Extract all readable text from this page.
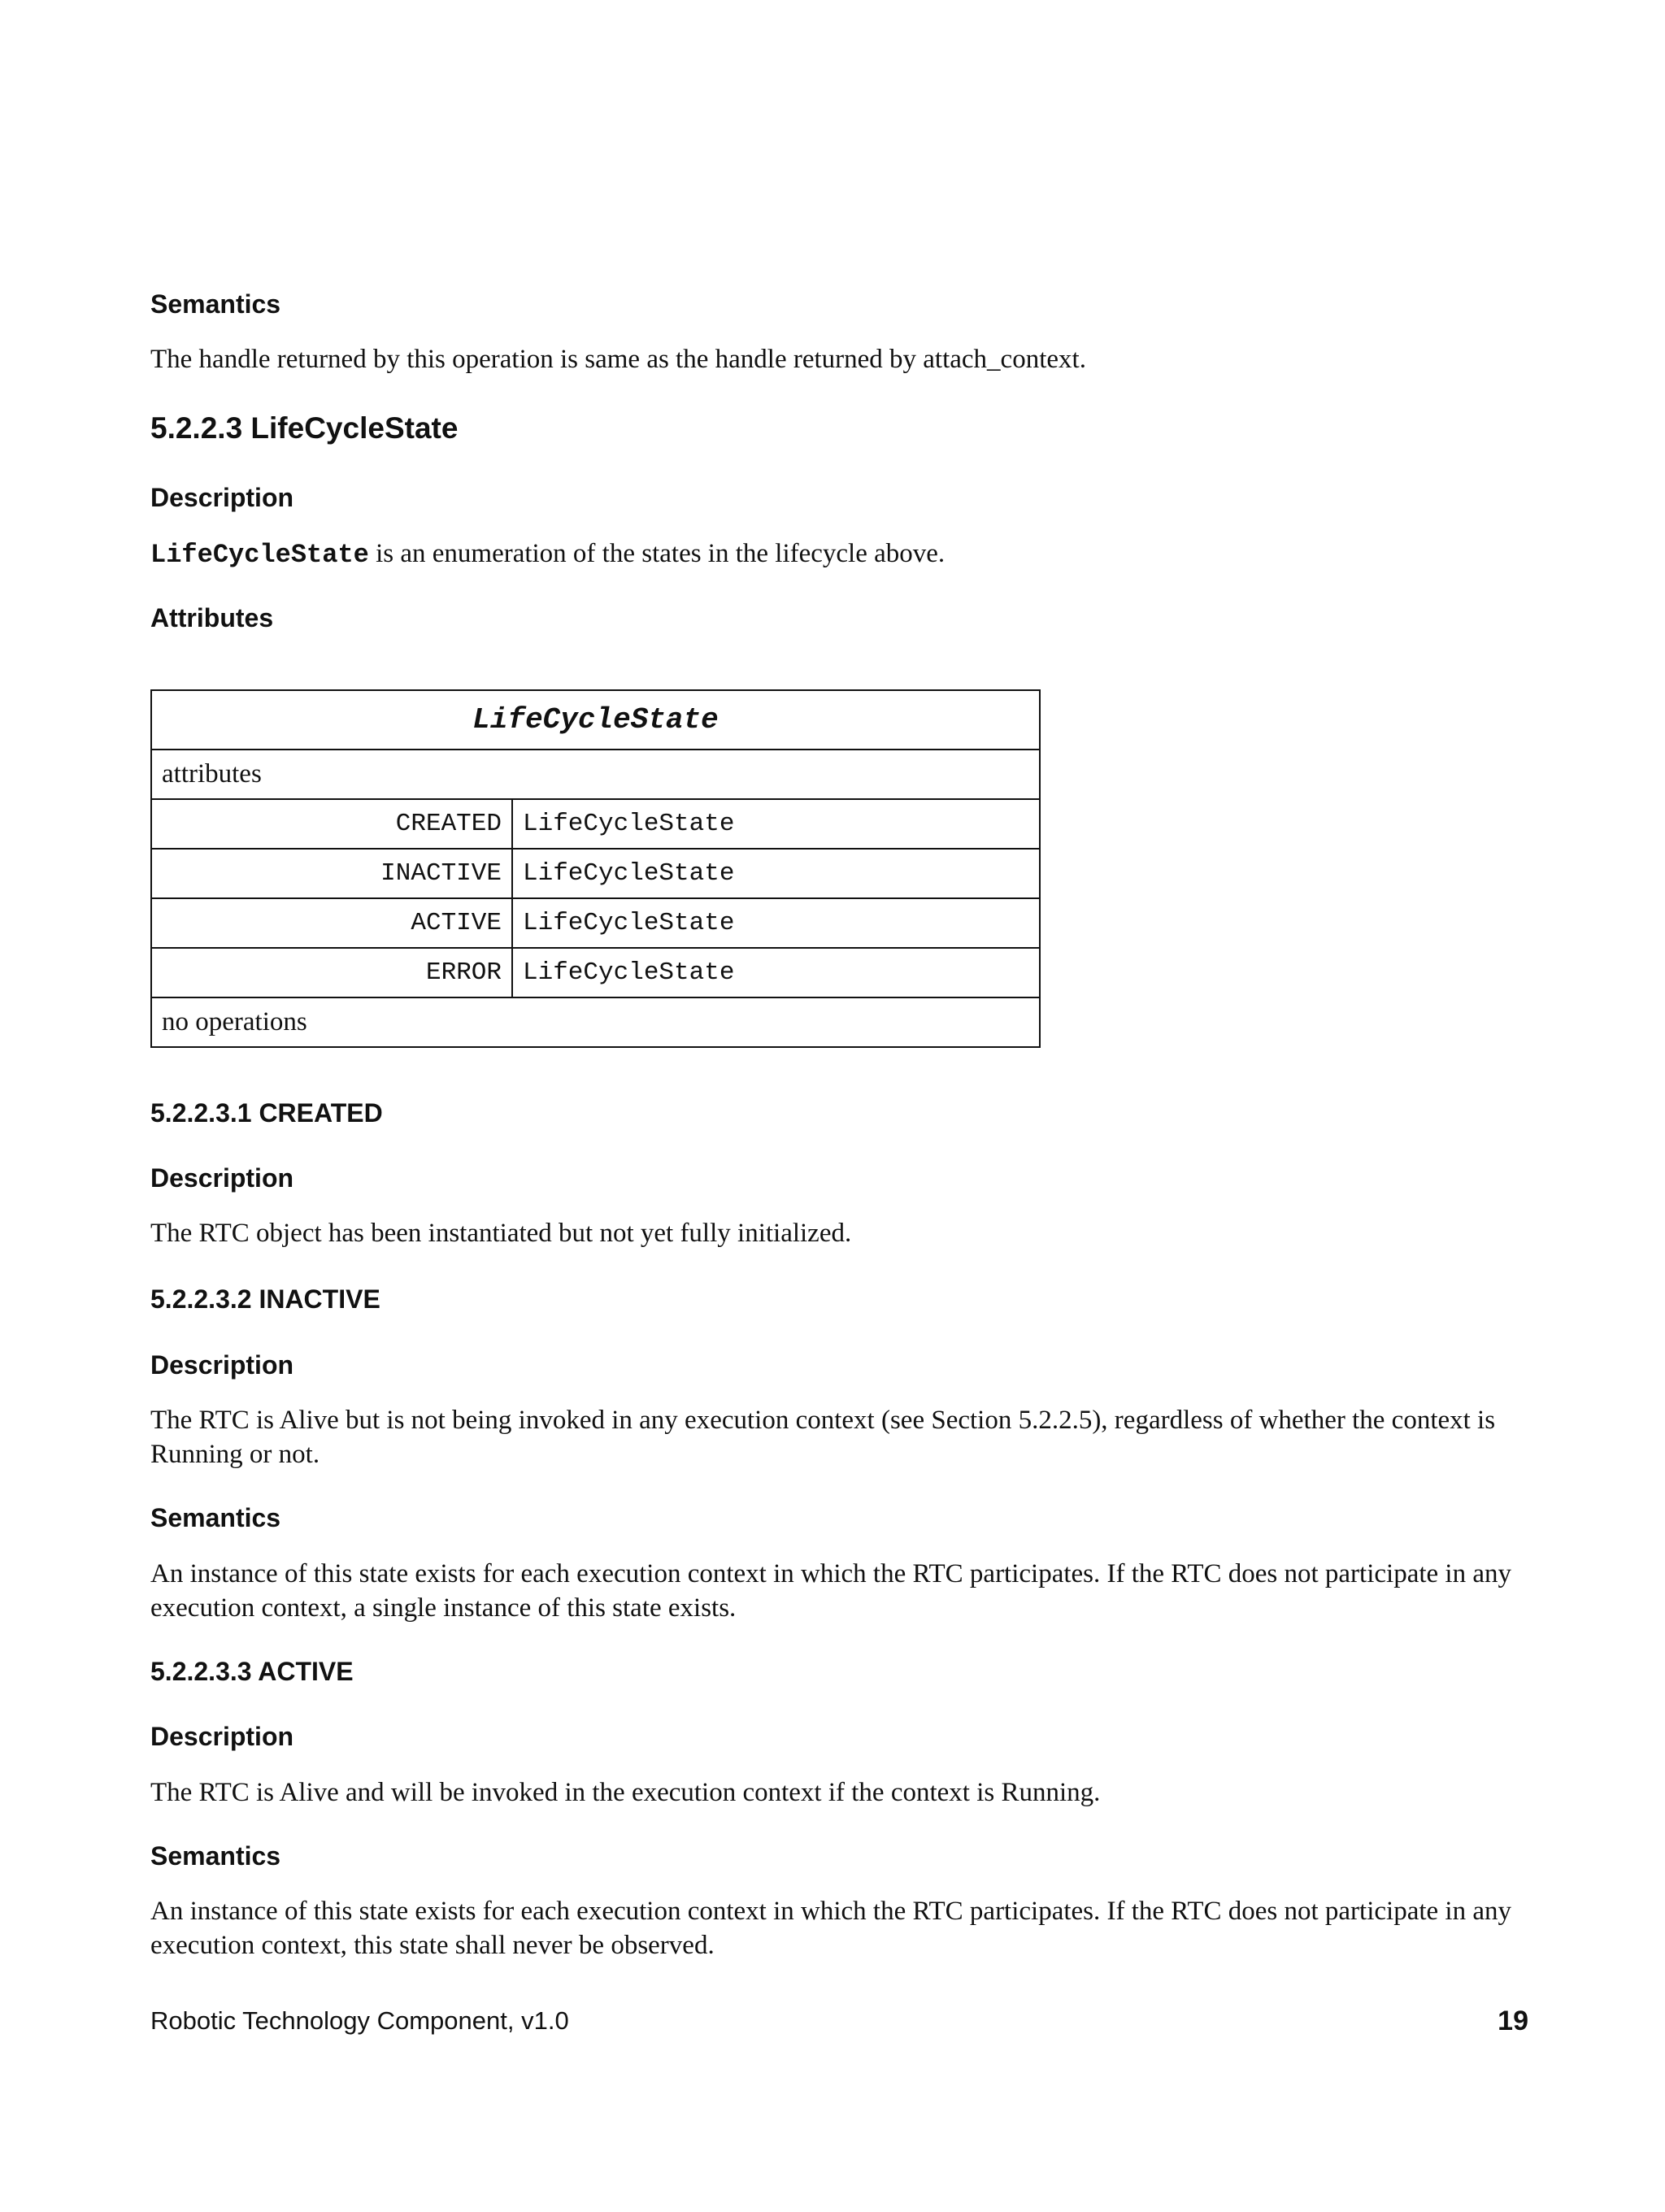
Semantics

The handle returned by this operation is same as the handle returned by attach_context.

5.2.2.3 LifeCycleState
Description

LifeCycleState is an enumeration of the states in the lifecycle above.

Attributes
LifeCycleState	
attributes	
CREATED	LifeCycleState
INACTIVE	LifeCycleState
ACTIVE	LifeCycleState
ERROR	LifeCycleState
no operations	
5.2.2.3.1 CREATED
Description

The RTC object has been instantiated but not yet fully initialized.

5.2.2.3.2 INACTIVE
Description

The RTC is Alive but is not being invoked in any execution context (see Section 5.2.2.5), regardless of whether the context is Running or not.

Semantics

An instance of this state exists for each execution context in which the RTC participates. If the RTC does not participate in any execution context, a single instance of this state exists.

5.2.2.3.3 ACTIVE
Description

The RTC is Alive and will be invoked in the execution context if the context is Running.

Semantics

An instance of this state exists for each execution context in which the RTC participates. If the RTC does not participate in any execution context, this state shall never be observed.

Robotic Technology Component, v1.0	19
